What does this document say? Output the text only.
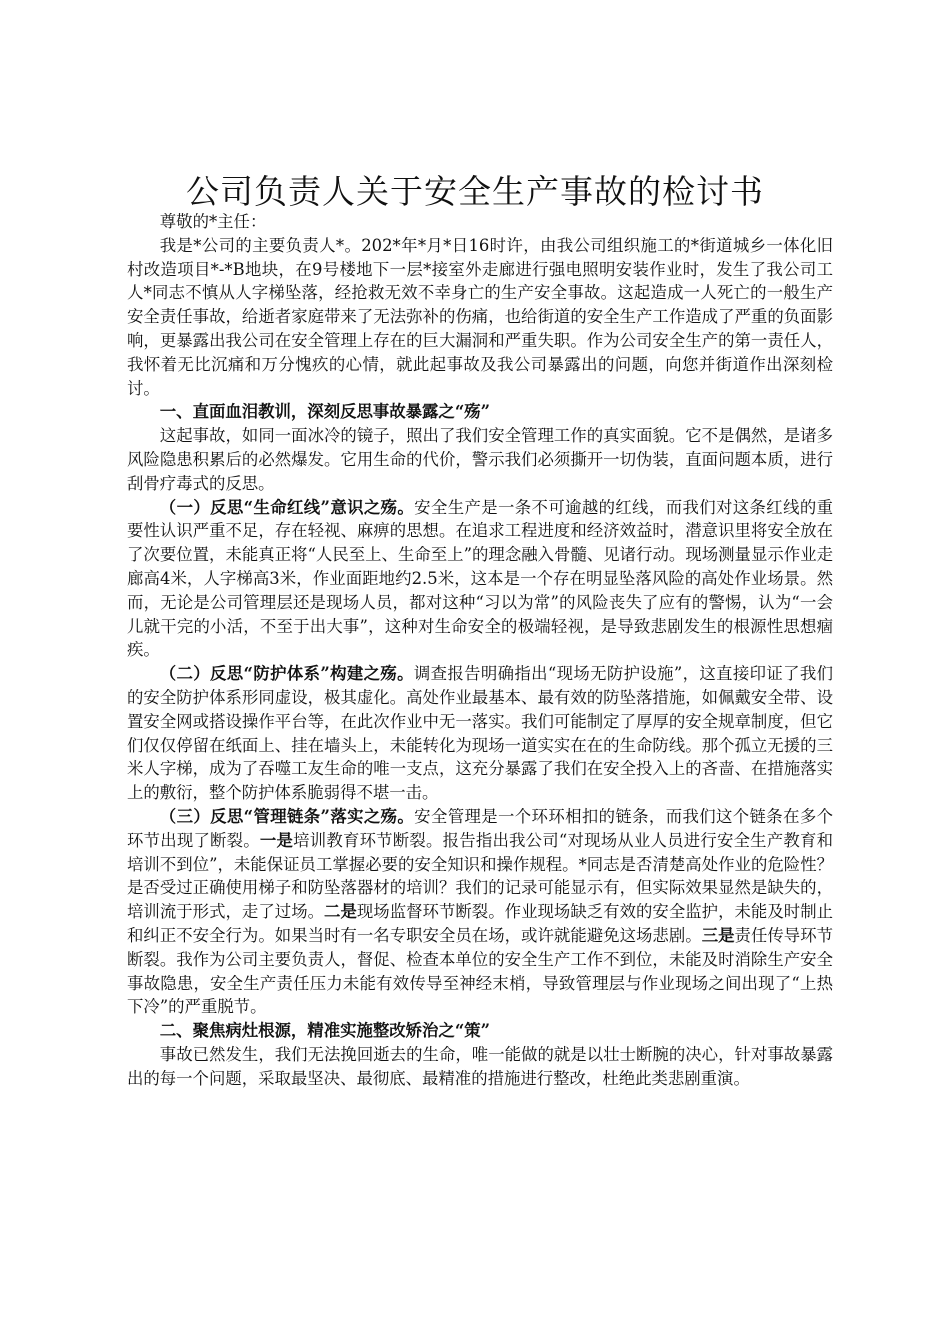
公司负责人关于安全生产事故的检讨书

尊敬的*主任：

我是*公司的主要负责人*。202*年*月*日16时许，由我公司组织施工的*街道城乡一体化旧村改造项目*-*B地块，在9号楼地下一层*接室外走廊进行强电照明安装作业时，发生了我公司工人*同志不慎从人字梯坠落，经抢救无效不幸身亡的生产安全事故。这起造成一人死亡的一般生产安全责任事故，给逝者家庭带来了无法弥补的伤痛，也给街道的安全生产工作造成了严重的负面影响，更暴露出我公司在安全管理上存在的巨大漏洞和严重失职。作为公司安全生产的第一责任人，我怀着无比沉痛和万分愧疚的心情，就此起事故及我公司暴露出的问题，向您并街道作出深刻检讨。

一、直面血泪教训，深刻反思事故暴露之“殇”

这起事故，如同一面冰冷的镜子，照出了我们安全管理工作的真实面貌。它不是偶然，是诸多风险隐患积累后的必然爆发。它用生命的代价，警示我们必须撕开一切伪装，直面问题本质，进行刮骨疗毒式的反思。

（一）反思“生命红线”意识之殇。安全生产是一条不可逾越的红线，而我们对这条红线的重要性认识严重不足，存在轻视、麻痹的思想。在追求工程进度和经济效益时，潜意识里将安全放在了次要位置，未能真正将“人民至上、生命至上”的理念融入骨髓、见诸行动。现场测量显示作业走廊高4米，人字梯高3米，作业面距地约2.5米，这本是一个存在明显坠落风险的高处作业场景。然而，无论是公司管理层还是现场人员，都对这种“习以为常”的风险丧失了应有的警惕，认为“一会儿就干完的小活，不至于出大事”，这种对生命安全的极端轻视，是导致悲剧发生的根源性思想痼疾。

（二）反思“防护体系”构建之殇。调查报告明确指出“现场无防护设施”，这直接印证了我们的安全防护体系形同虚设，极其虚化。高处作业最基本、最有效的防坠落措施，如佩戴安全带、设置安全网或搭设操作平台等，在此次作业中无一落实。我们可能制定了厚厚的安全规章制度，但它们仅仅停留在纸面上、挂在墙头上，未能转化为现场一道实实在在的生命防线。那个孤立无援的三米人字梯，成为了吞噬工友生命的唯一支点，这充分暴露了我们在安全投入上的吝啬、在措施落实上的敷衍，整个防护体系脆弱得不堪一击。

（三）反思“管理链条”落实之殇。安全管理是一个环环相扣的链条，而我们这个链条在多个环节出现了断裂。一是培训教育环节断裂。报告指出我公司“对现场从业人员进行安全生产教育和培训不到位”，未能保证员工掌握必要的安全知识和操作规程。*同志是否清楚高处作业的危险性？是否受过正确使用梯子和防坠落器材的培训？我们的记录可能显示有，但实际效果显然是缺失的，培训流于形式，走了过场。二是现场监督环节断裂。作业现场缺乏有效的安全监护，未能及时制止和纠正不安全行为。如果当时有一名专职安全员在场，或许就能避免这场悲剧。三是责任传导环节断裂。我作为公司主要负责人，督促、检查本单位的安全生产工作不到位，未能及时消除生产安全事故隐患，安全生产责任压力未能有效传导至神经末梢，导致管理层与作业现场之间出现了“上热下冷”的严重脱节。

二、聚焦病灶根源，精准实施整改矫治之“策”

事故已然发生，我们无法挽回逝去的生命，唯一能做的就是以壮士断腕的决心，针对事故暴露出的每一个问题，采取最坚决、最彻底、最精准的措施进行整改，杜绝此类悲剧重演。
